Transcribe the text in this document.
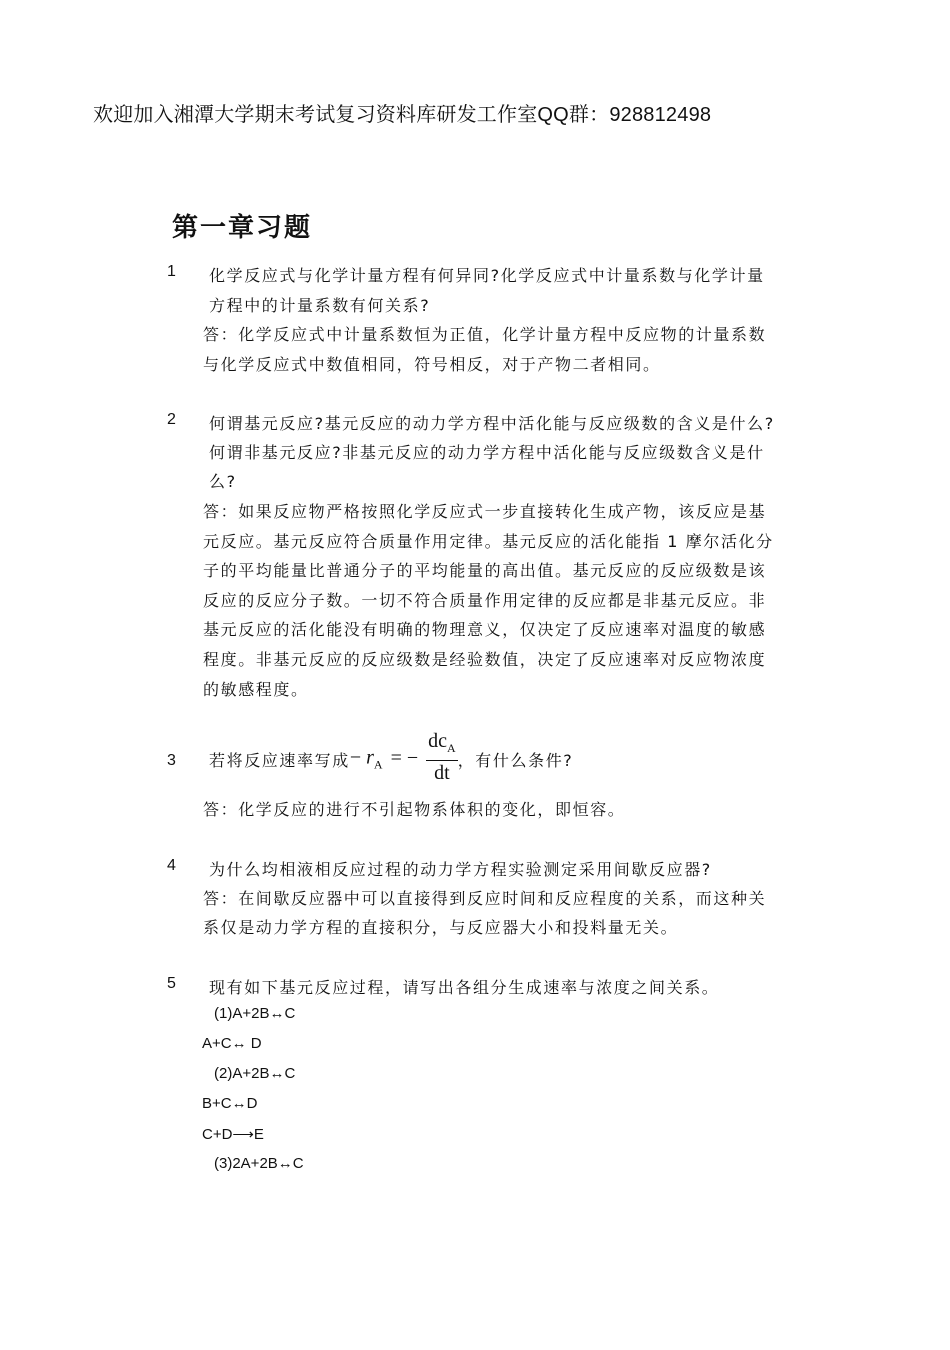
欢迎加入湘潭大学期末考试复习资料库研发工作室QQ群：928812498
第一章习题
1 化学反应式与化学计量方程有何异同?化学反应式中计量系数与化学计量
方程中的计量系数有何关系?
答：化学反应式中计量系数恒为正值，化学计量方程中反应物的计量系数
与化学反应式中数值相同，符号相反，对于产物二者相同。
2 何谓基元反应?基元反应的动力学方程中活化能与反应级数的含义是什么?
何谓非基元反应?非基元反应的动力学方程中活化能与反应级数含义是什
么?
答：如果反应物严格按照化学反应式一步直接转化生成产物，该反应是基
元反应。基元反应符合质量作用定律。基元反应的活化能指 1 摩尔活化分
子的平均能量比普通分子的平均能量的高出值。基元反应的反应级数是该
反应的反应分子数。一切不符合质量作用定律的反应都是非基元反应。非
基元反应的活化能没有明确的物理意义，仅决定了反应速率对温度的敏感
程度。非基元反应的反应级数是经验数值，决定了反应速率对反应物浓度
的敏感程度。
3 若将反应速率写成 − $r_A$ = − $\frac{dc_A}{dt}$ ，有什么条件?
答：化学反应的进行不引起物系体积的变化，即恒容。
4 为什么均相液相反应过程的动力学方程实验测定采用间歇反应器?
答：在间歇反应器中可以直接得到反应时间和反应程度的关系，而这种关
系仅是动力学方程的直接积分，与反应器大小和投料量无关。
5 现有如下基元反应过程，请写出各组分生成速率与浓度之间关系。
(1)A+2B↔C
A+C↔ D
(2)A+2B↔C
B+C↔D
C+D⟶E
(3)2A+2B↔C
